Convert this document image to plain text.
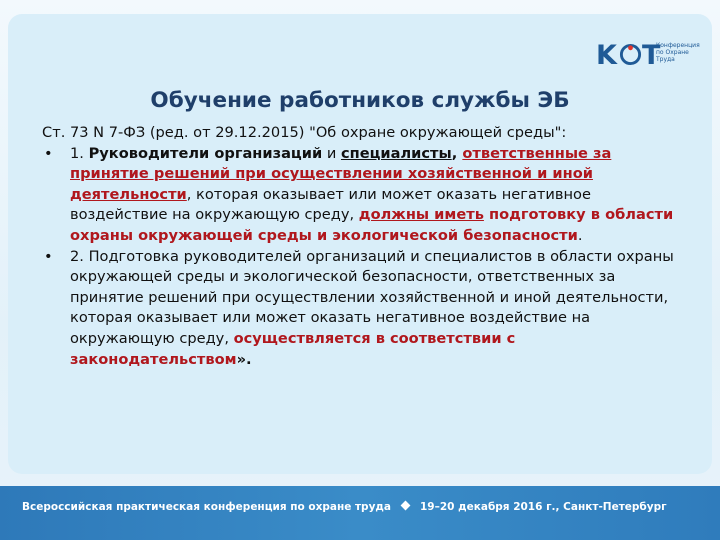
K T
Конференция по Охране Труда
Обучение работников службы ЭБ

Ст. 73 N 7-ФЗ (ред. от 29.12.2015) "Об охране окружающей среды":

• 1. Руководители организаций и специалисты, ответственные за принятие решений при осуществлении хозяйственной и иной деятельности, которая оказывает или может оказать негативное воздействие на окружающую среду, должны иметь подготовку в области охраны окружающей среды и экологической безопасности.

• 2. Подготовка руководителей организаций и специалистов в области охраны окружающей среды и экологической безопасности, ответственных за принятие решений при осуществлении хозяйственной и иной деятельности, которая оказывает или может оказать негативное воздействие на окружающую среду, осуществляется в соответствии с законодательством».

Всероссийская практическая конференция по охране труда	19–20 декабря 2016 г., Санкт-Петербург
